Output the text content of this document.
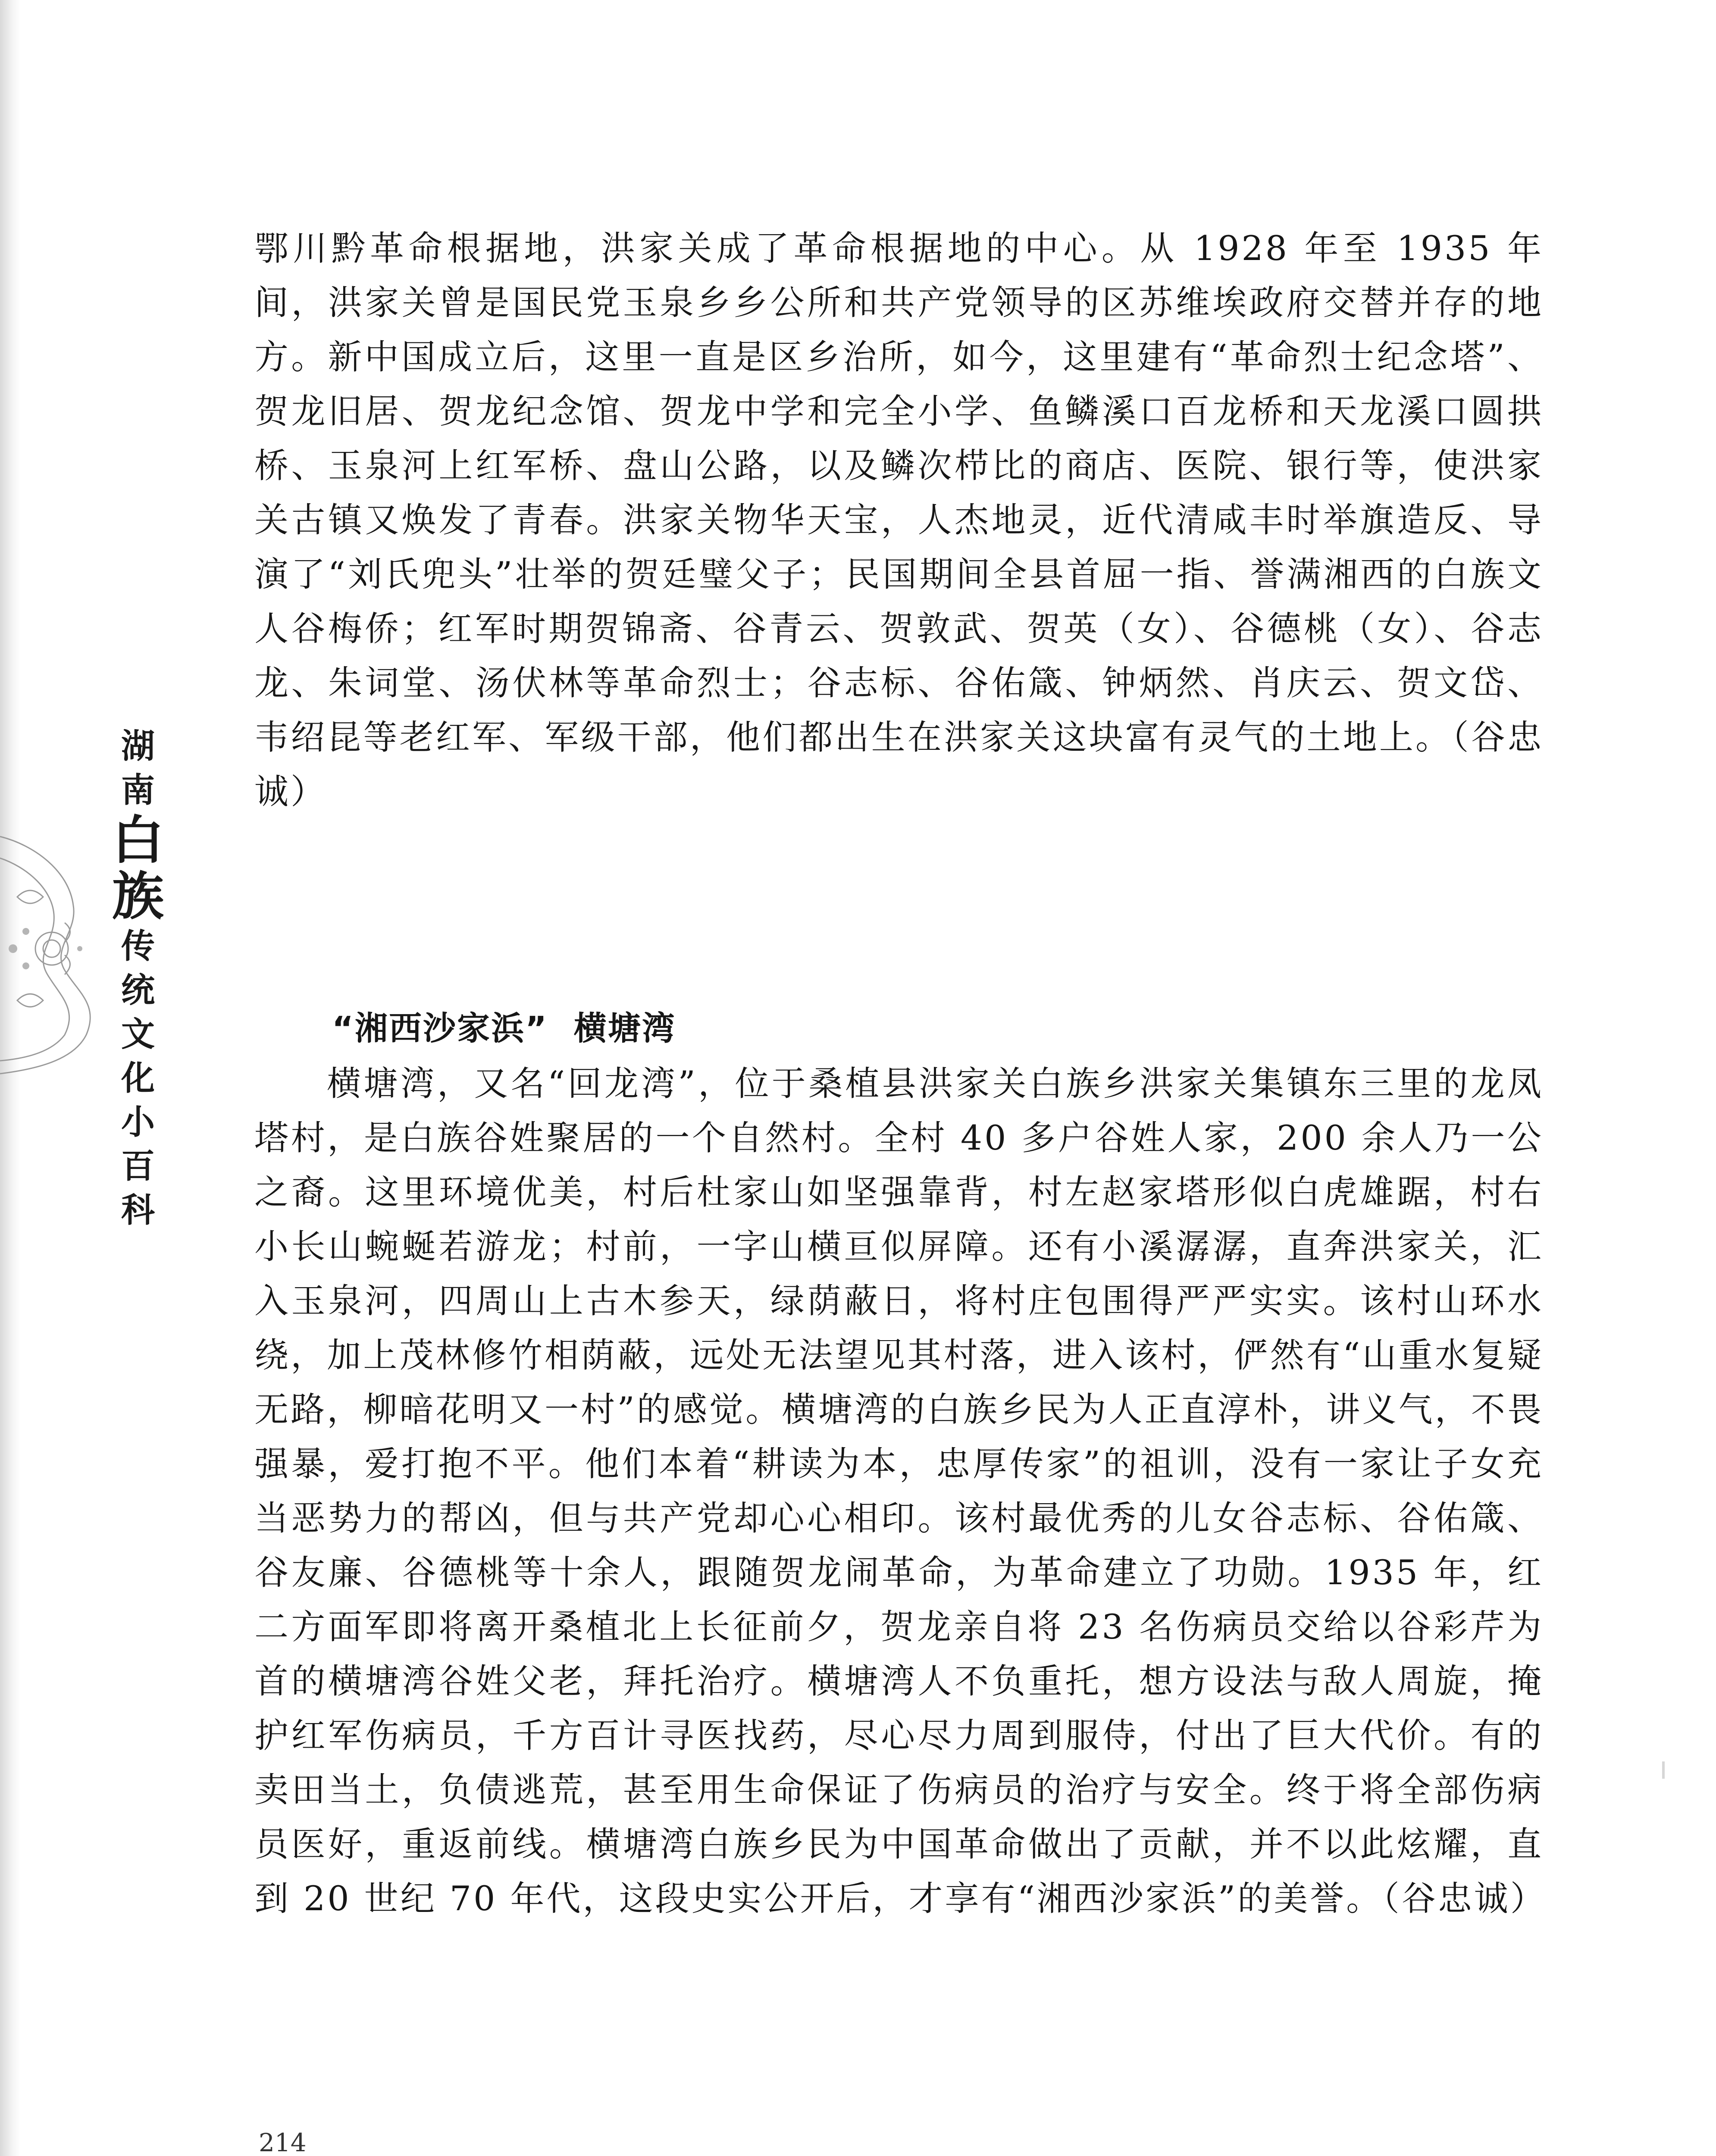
湖
南
白
族
传
统
文
化
小
百
科

鄂川黔革命根据地，洪家关成了革命根据地的中心。从 1928 年至 1935 年间，洪家关曾是国民党玉泉乡乡公所和共产党领导的区苏维埃政府交替并存的地方。新中国成立后，这里一直是区乡治所，如今，这里建有“革命烈士纪念塔”、贺龙旧居、贺龙纪念馆、贺龙中学和完全小学、鱼鳞溪口百龙桥和天龙溪口圆拱桥、玉泉河上红军桥、盘山公路，以及鳞次栉比的商店、医院、银行等，使洪家关古镇又焕发了青春。洪家关物华天宝，人杰地灵，近代清咸丰时举旗造反、导演了“刘氏兜头”壮举的贺廷璧父子；民国期间全县首屈一指、誉满湘西的白族文人谷梅侨；红军时期贺锦斋、谷青云、贺敦武、贺英（女）、谷德桃（女）、谷志龙、朱词堂、汤伏林等革命烈士；谷志标、谷佑箴、钟炳然、肖庆云、贺文岱、韦绍昆等老红军、军级干部，他们都出生在洪家关这块富有灵气的土地上。（谷忠诚）

“湘西沙家浜” 横塘湾

横塘湾，又名“回龙湾”，位于桑植县洪家关白族乡洪家关集镇东三里的龙凤塔村，是白族谷姓聚居的一个自然村。全村 40 多户谷姓人家，200 余人乃一公之裔。这里环境优美，村后杜家山如坚强靠背，村左赵家塔形似白虎雄踞，村右小长山蜿蜒若游龙；村前，一字山横亘似屏障。还有小溪潺潺，直奔洪家关，汇入玉泉河，四周山上古木参天，绿荫蔽日，将村庄包围得严严实实。该村山环水绕，加上茂林修竹相荫蔽，远处无法望见其村落，进入该村，俨然有“山重水复疑无路，柳暗花明又一村”的感觉。横塘湾的白族乡民为人正直淳朴，讲义气，不畏强暴，爱打抱不平。他们本着“耕读为本，忠厚传家”的祖训，没有一家让子女充当恶势力的帮凶，但与共产党却心心相印。该村最优秀的儿女谷志标、谷佑箴、谷友廉、谷德桃等十余人，跟随贺龙闹革命，为革命建立了功勋。1935 年，红二方面军即将离开桑植北上长征前夕，贺龙亲自将 23 名伤病员交给以谷彩芹为首的横塘湾谷姓父老，拜托治疗。横塘湾人不负重托，想方设法与敌人周旋，掩护红军伤病员，千方百计寻医找药，尽心尽力周到服侍，付出了巨大代价。有的卖田当土，负债逃荒，甚至用生命保证了伤病员的治疗与安全。终于将全部伤病员医好，重返前线。横塘湾白族乡民为中国革命做出了贡献，并不以此炫耀，直到 20 世纪 70 年代，这段史实公开后，才享有“湘西沙家浜”的美誉。（谷忠诚）

214
